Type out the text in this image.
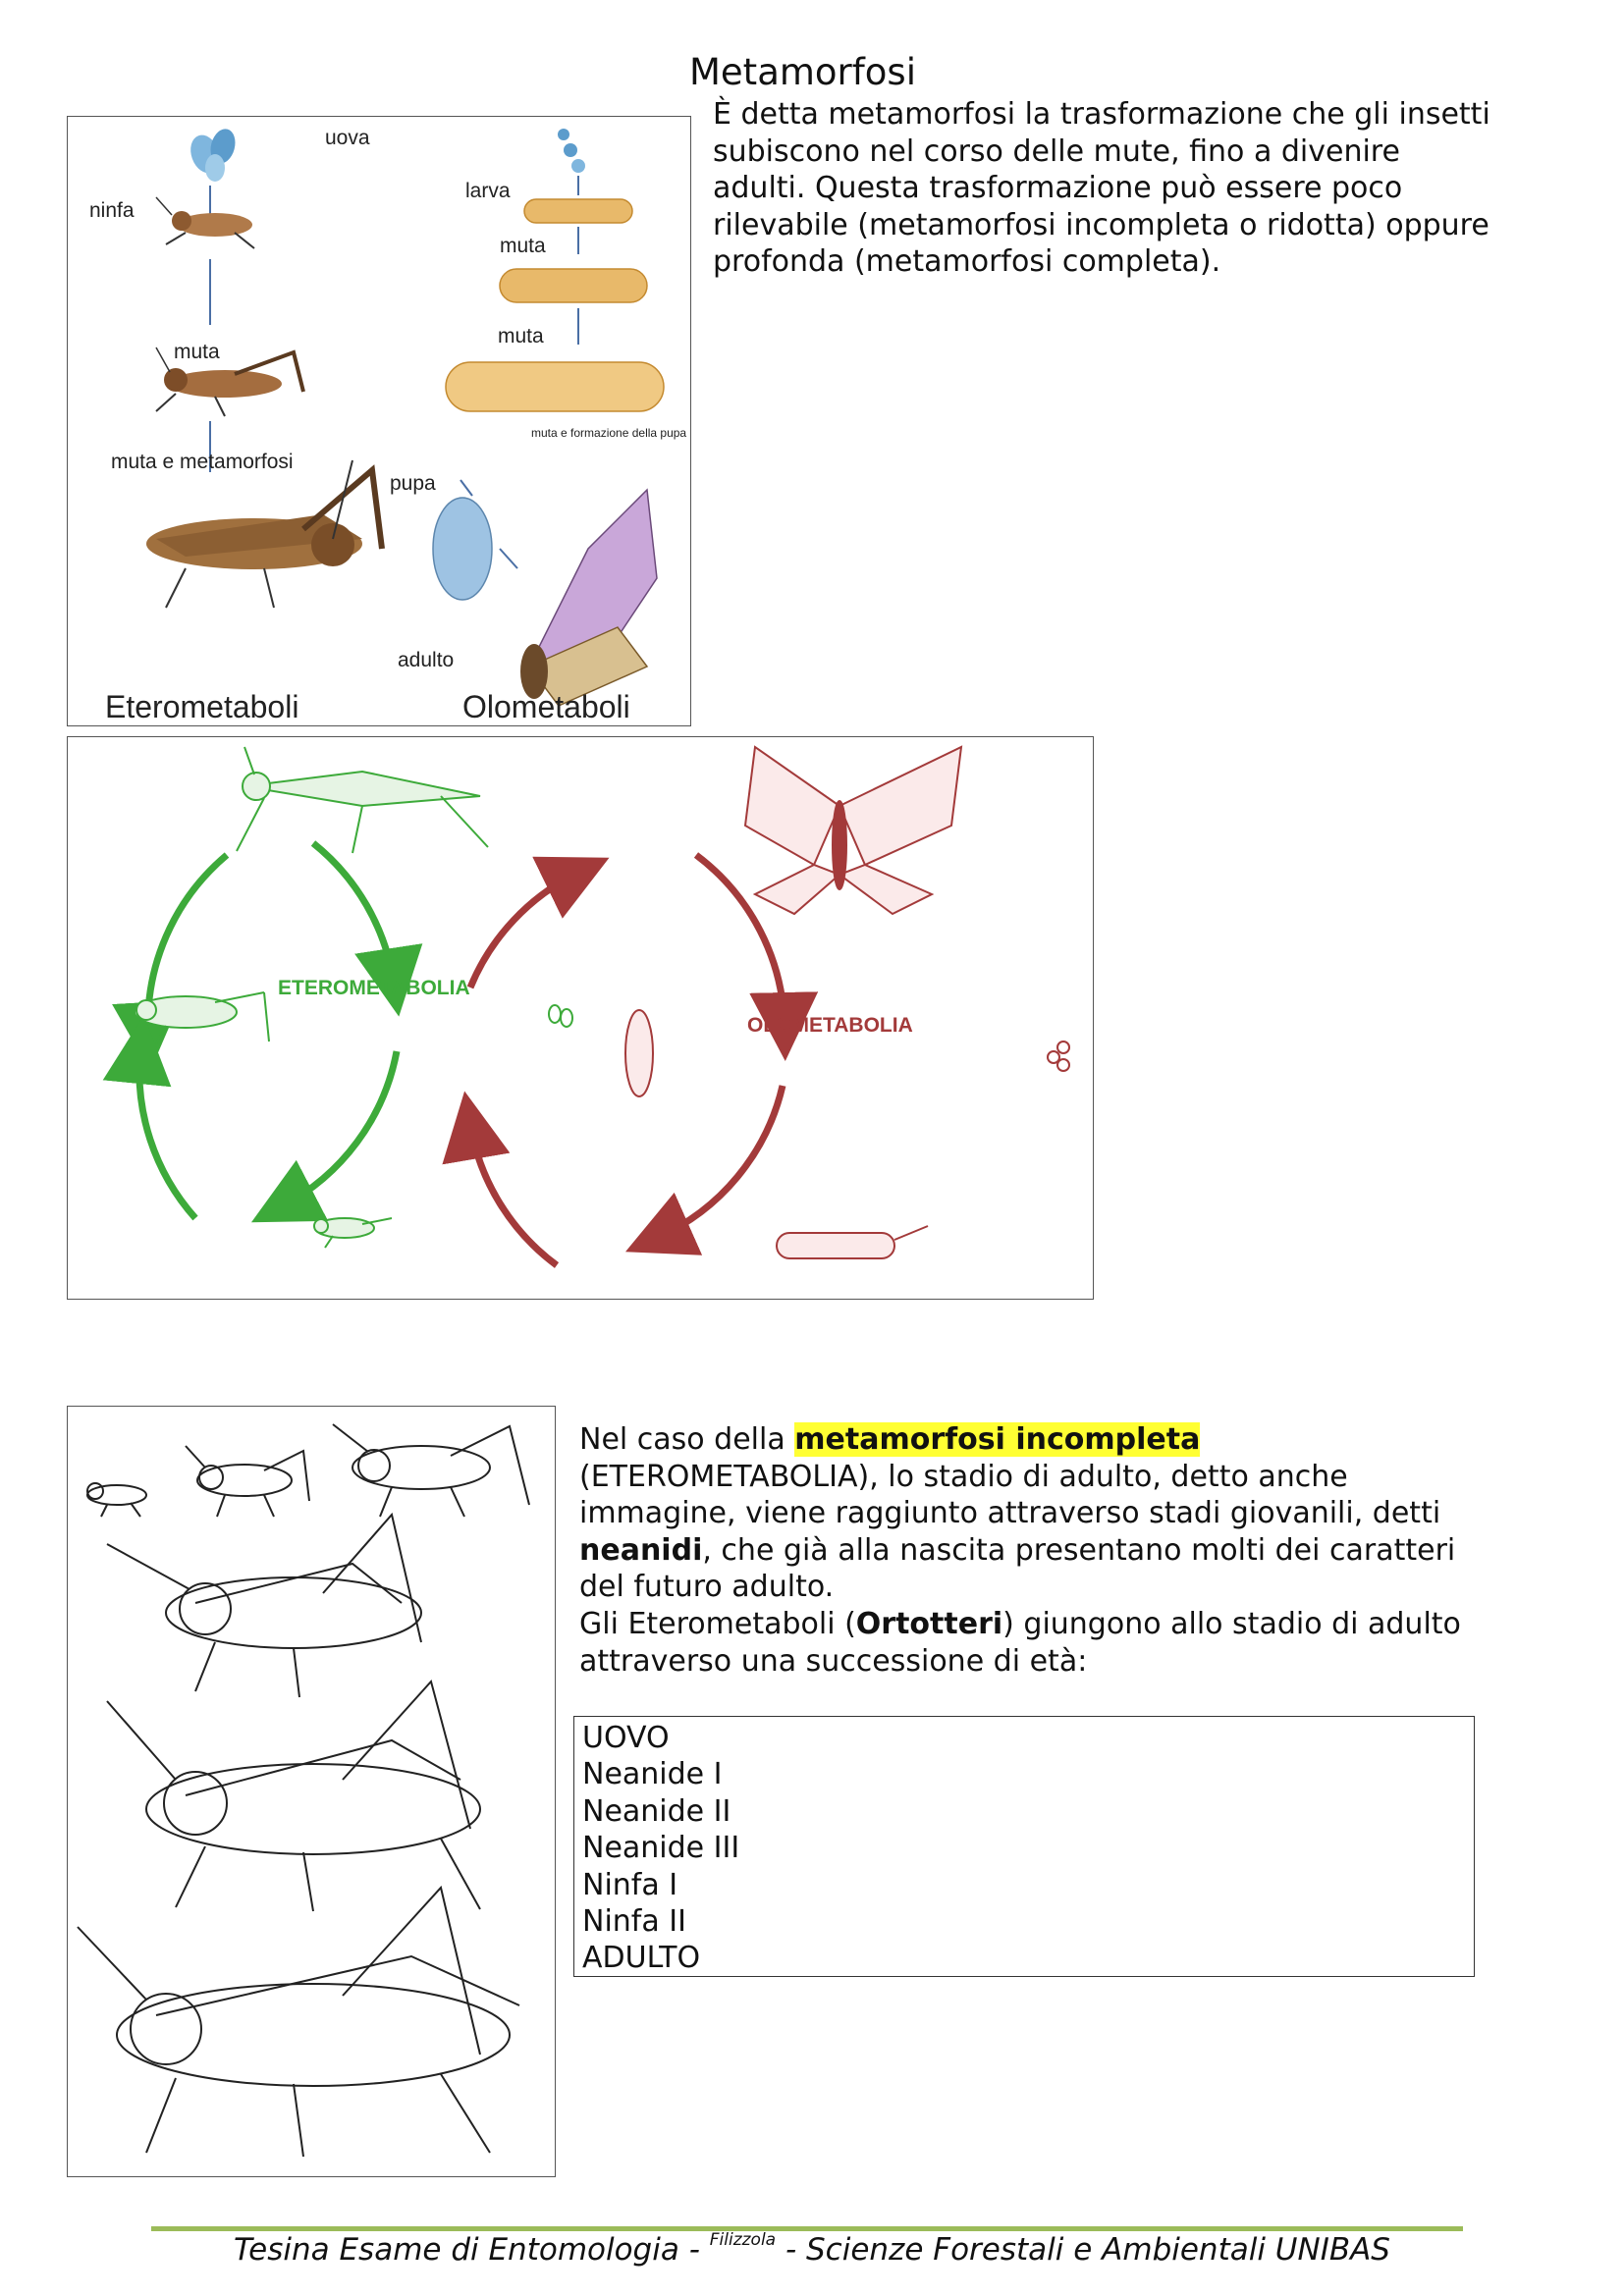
Metamorfosi

È detta metamorfosi la trasformazione che gli insetti subiscono nel corso delle mute, fino a divenire adulti. Questa trasformazione può essere poco rilevabile (metamorfosi incompleta o ridotta) oppure profonda (metamorfosi completa).

uova
ninfa
larva
muta
muta
muta
muta e formazione della pupa
pupa
muta e metamorfosi
adulto
Eterometaboli	Olometaboli
ETEROMETABOLIA
OLOMETABOLIA

Nel caso della metamorfosi incompleta (ETEROMETABOLIA), lo stadio di adulto, detto anche immagine, viene raggiunto attraverso stadi giovanili, detti neanidi, che già alla nascita presentano molti dei caratteri del futuro adulto.

Gli Eterometaboli (Ortotteri) giungono allo stadio di adulto attraverso una successione di età:

UOVO
Neanide I
Neanide II
Neanide III
Ninfa I
Ninfa II
ADULTO
Tesina Esame di Entomologia - $^{Filizzola}$ - Scienze Forestali e Ambientali UNIBAS
